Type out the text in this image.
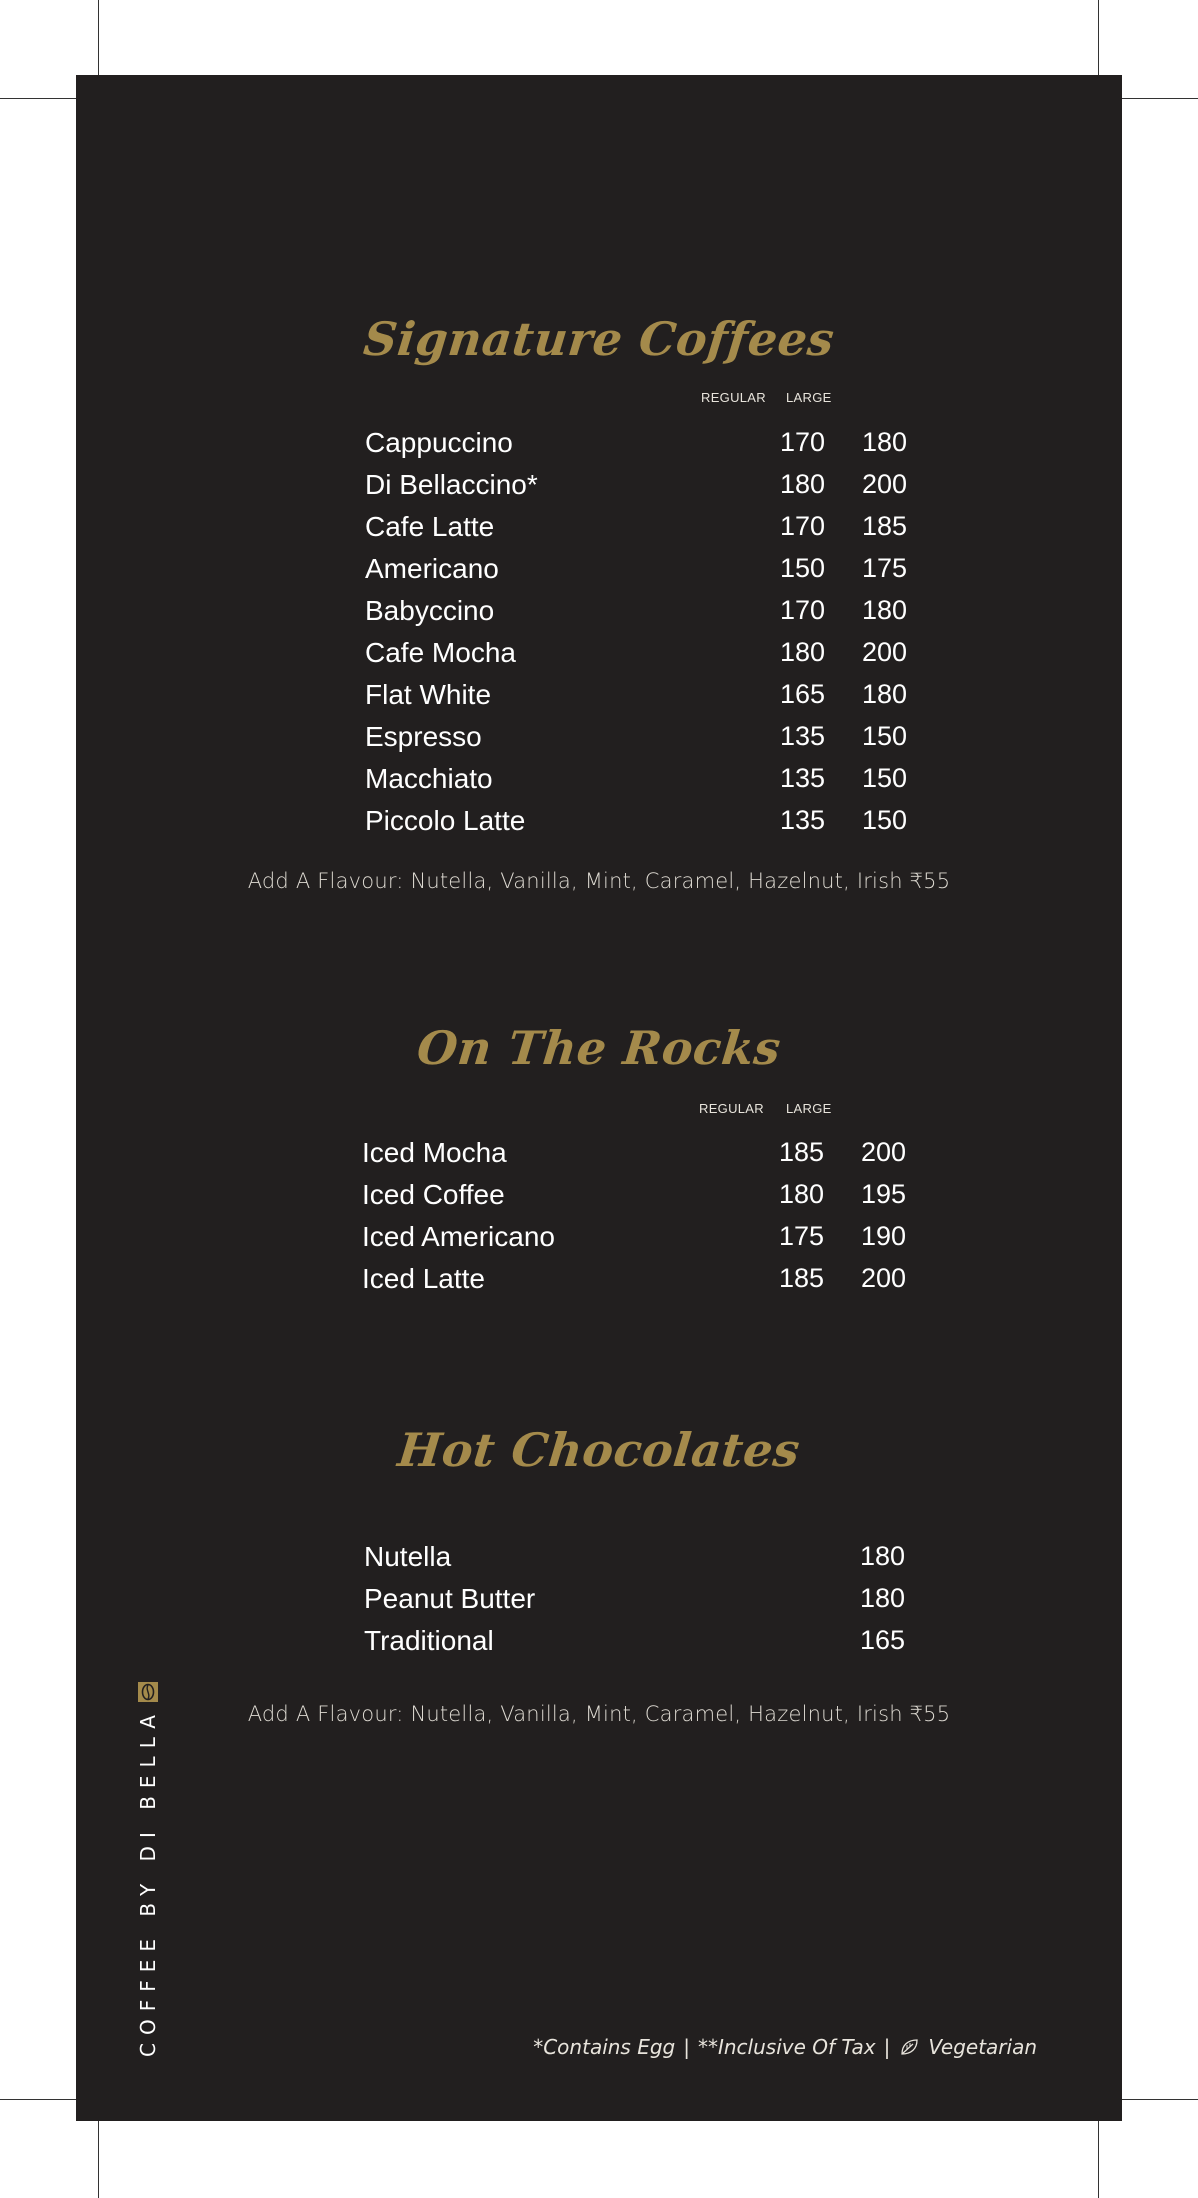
Signature Coffees
REGULAR LARGE
Cappuccino	170 180
Di Bellaccino*	180 200
Cafe Latte	170 185
Americano	150 175
Babyccino	170 180
Cafe Mocha	180 200
Flat White	165 180
Espresso	135 150
Macchiato	135 150
Piccolo Latte	135 150
Add A Flavour: Nutella, Vanilla, Mint, Caramel, Hazelnut, Irish ₹55
On The Rocks
REGULAR LARGE
Iced Mocha	185 200
Iced Coffee	180 195
Iced Americano	175 190
Iced Latte	185 200
Hot Chocolates
Nutella	180
Peanut Butter	180
Traditional	165
Add A Flavour: Nutella, Vanilla, Mint, Caramel, Hazelnut, Irish ₹55
COFFEE BY DI BELLA	*Contains Egg | **Inclusive Of Tax | Vegetarian
